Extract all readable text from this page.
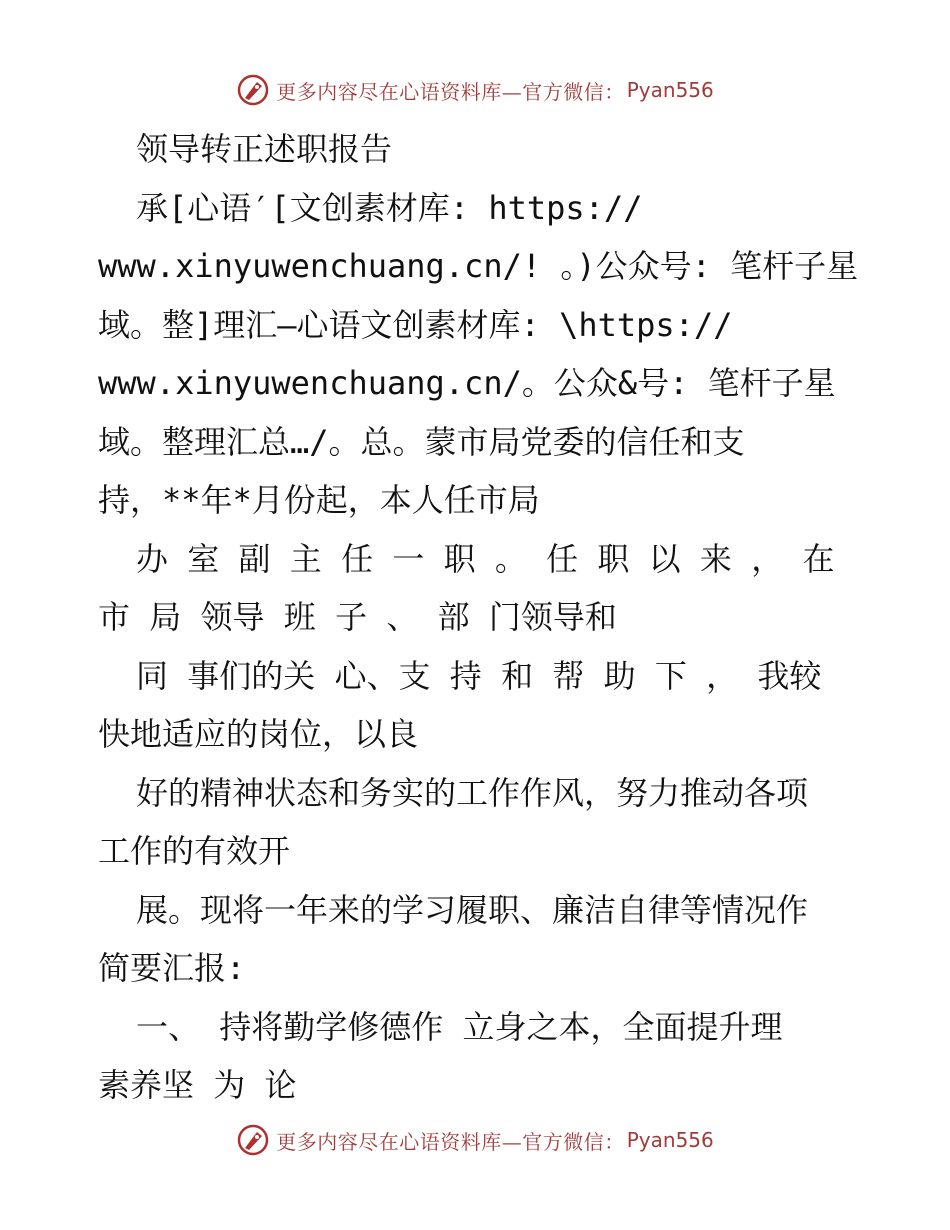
更多内容尽在心语资料库—官方微信： Pyan556
领导转正述职报告
承[心语′[文创素材库: https://
www.xinyuwenchuang.cn/! 。)公众号: 笔杆子星
域。整]理汇—心语文创素材库: \https://
www.xinyuwenchuang.cn/。公众&号: 笔杆子星
域。整理汇总…/。总。蒙市局党委的信任和支
持，**年*月份起，本人任市局
办 室 副 主 任 一 职 。 任 职 以 来 ， 在
市 局 领导 班 子 、 部 门领导和
同 事们的关 心、支 持 和 帮 助 下 ， 我较
快地适应的岗位，以良
好的精神状态和务实的工作作风，努力推动各项
工作的有效开
展。现将一年来的学习履职、廉洁自律等情况作
简要汇报:
一、 持将勤学修德作 立身之本，全面提升理
素养坚 为 论
更多内容尽在心语资料库—官方微信： Pyan556
